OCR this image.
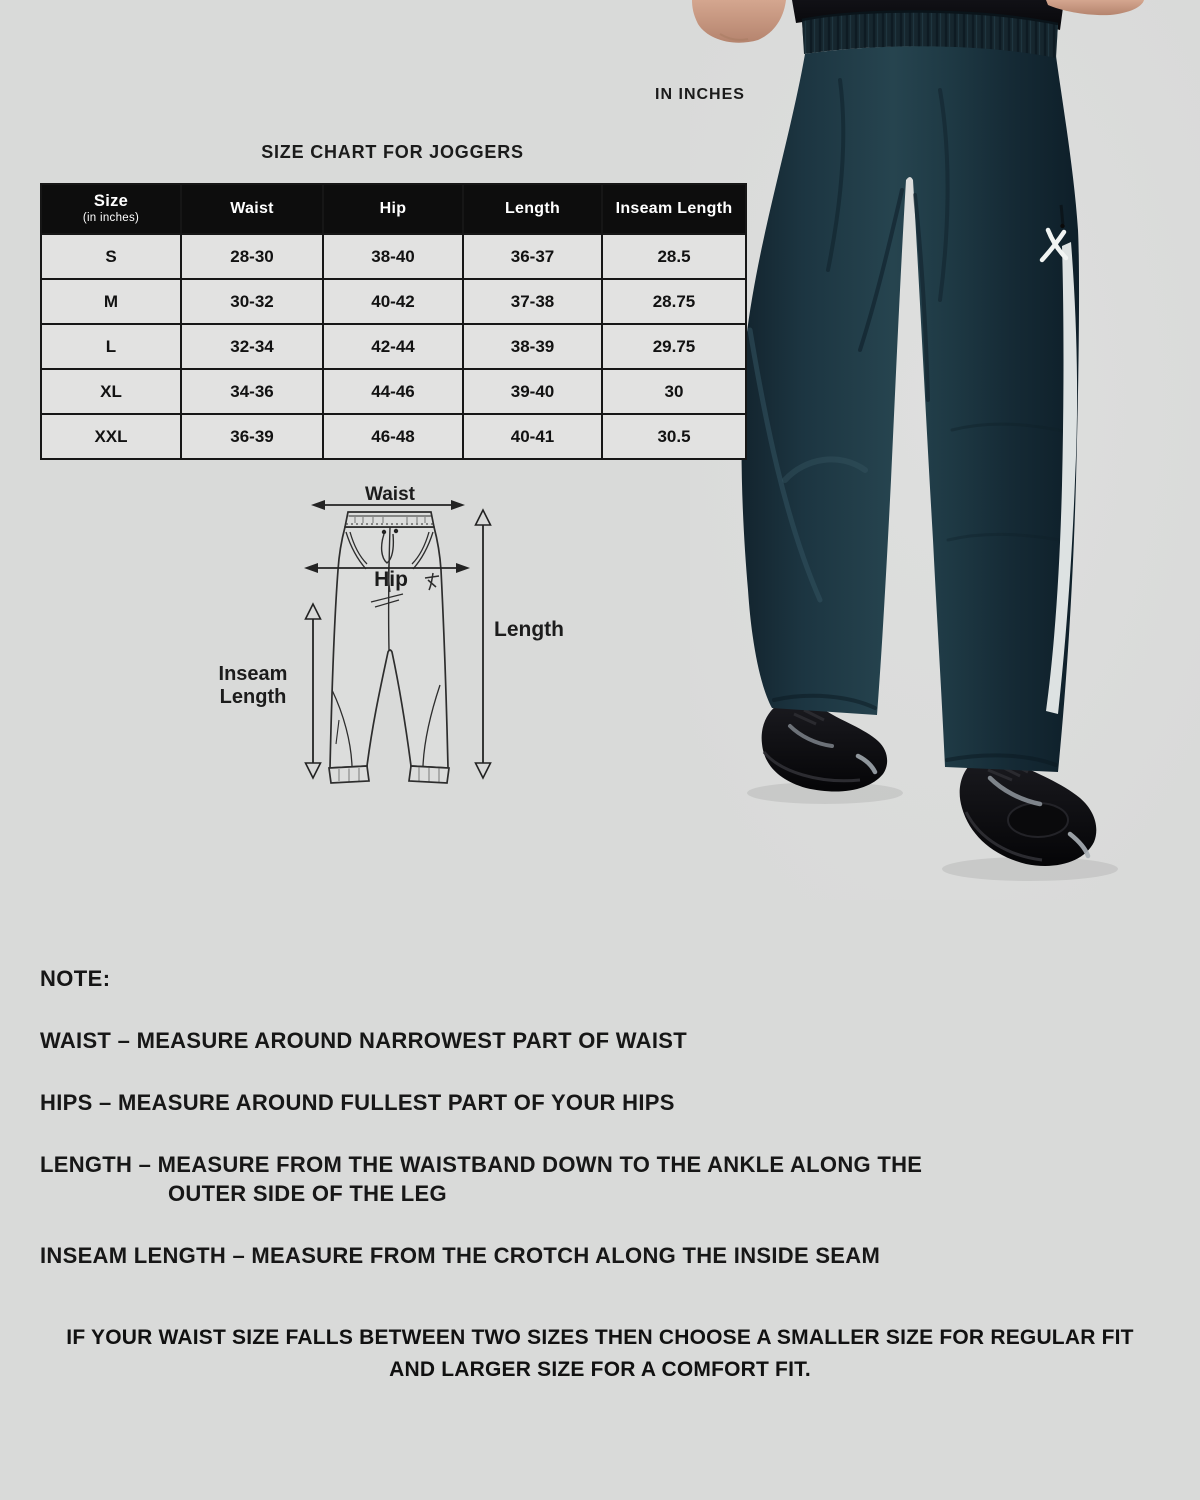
IN INCHES
SIZE CHART FOR JOGGERS
Size
(in inches)	Waist	Hip	Length	Inseam Length
S	28-30	38-40	36-37	28.5
M	30-32	40-42	37-38	28.75
L	32-34	42-44	38-39	29.75
XL	34-36	44-46	39-40	30
XXL	36-39	46-48	40-41	30.5
Waist
Hip
Length
Inseam
Length

NOTE:

WAIST – MEASURE AROUND NARROWEST PART OF WAIST

HIPS – MEASURE AROUND FULLEST PART OF YOUR HIPS

LENGTH – MEASURE FROM THE WAISTBAND DOWN TO THE ANKLE ALONG THE OUTER SIDE OF THE LEG

INSEAM LENGTH – MEASURE FROM THE CROTCH ALONG THE INSIDE SEAM

IF YOUR WAIST SIZE FALLS BETWEEN TWO SIZES THEN CHOOSE A SMALLER SIZE FOR REGULAR FIT AND LARGER SIZE FOR A COMFORT FIT.
